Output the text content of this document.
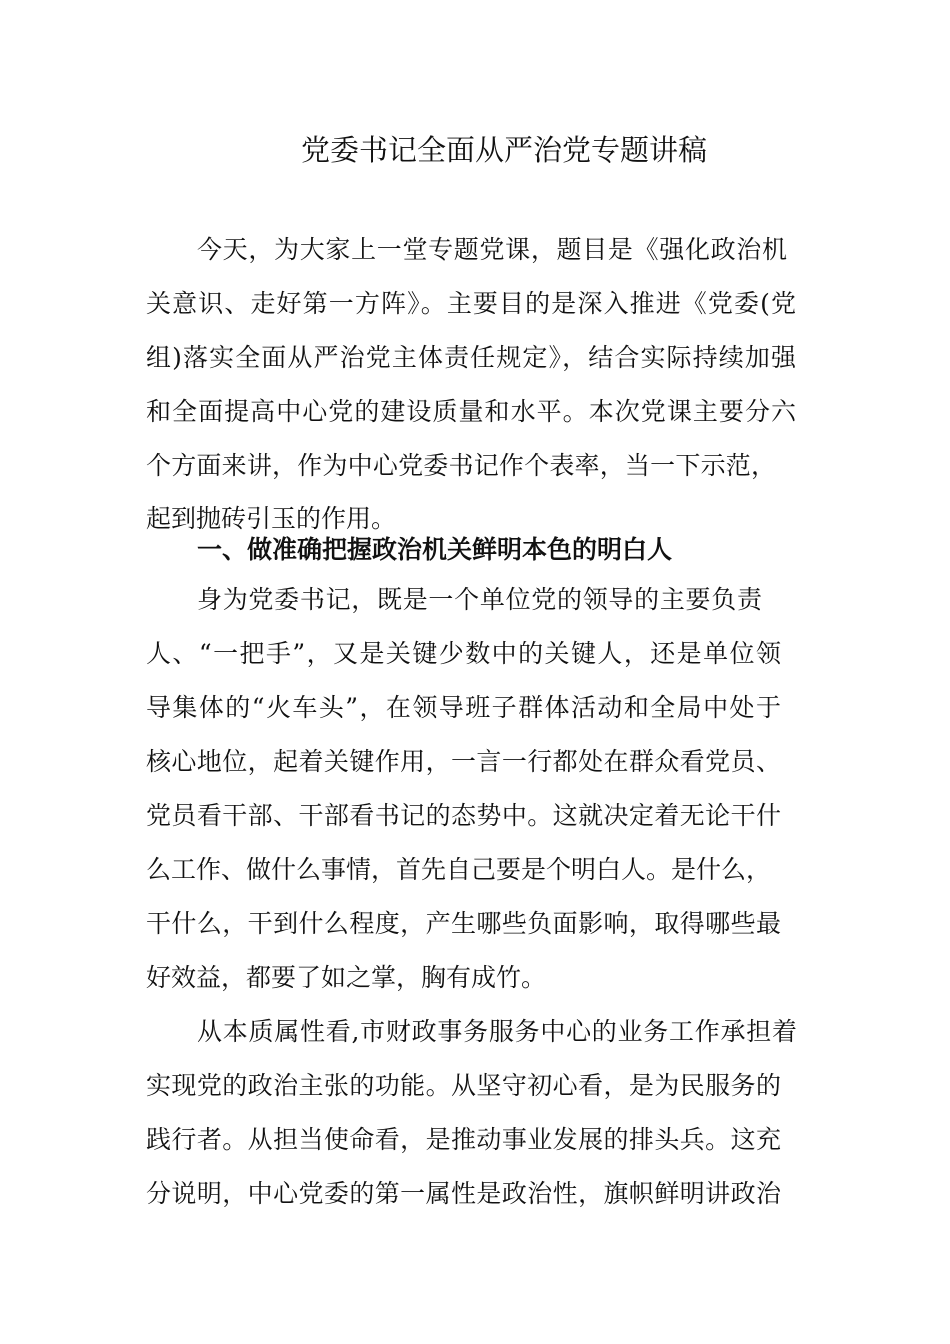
党委书记全面从严治党专题讲稿
今天，为大家上一堂专题党课，题目是《强化政治机
关意识、走好第一方阵》。主要目的是深入推进《党委(党
组)落实全面从严治党主体责任规定》，结合实际持续加强
和全面提高中心党的建设质量和水平。本次党课主要分六
个方面来讲，作为中心党委书记作个表率，当一下示范，
起到抛砖引玉的作用。
一、做准确把握政治机关鲜明本色的明白人
身为党委书记，既是一个单位党的领导的主要负责
人、“一把手”，又是关键少数中的关键人，还是单位领
导集体的“火车头”，在领导班子群体活动和全局中处于
核心地位，起着关键作用，一言一行都处在群众看党员、
党员看干部、干部看书记的态势中。这就决定着无论干什
么工作、做什么事情，首先自己要是个明白人。是什么，
干什么，干到什么程度，产生哪些负面影响，取得哪些最
好效益，都要了如之掌，胸有成竹。
从本质属性看,市财政事务服务中心的业务工作承担着
实现党的政治主张的功能。从坚守初心看，是为民服务的
践行者。从担当使命看，是推动事业发展的排头兵。这充
分说明，中心党委的第一属性是政治性，旗帜鲜明讲政治
